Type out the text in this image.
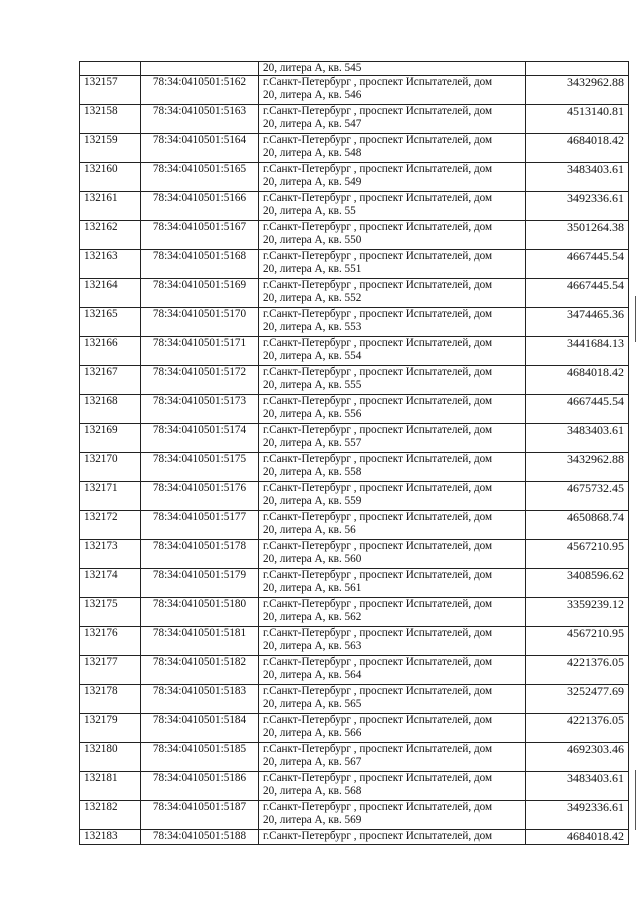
		20, литера А, кв. 545	

132157	78:34:0410501:5162	г.Санкт-Петербург , проспект Испытателей, дом
20, литера А, кв. 546	3432962.88
132158	78:34:0410501:5163	г.Санкт-Петербург , проспект Испытателей, дом
20, литера А, кв. 547	4513140.81
132159	78:34:0410501:5164	г.Санкт-Петербург , проспект Испытателей, дом
20, литера А, кв. 548	4684018.42
132160	78:34:0410501:5165	г.Санкт-Петербург , проспект Испытателей, дом
20, литера А, кв. 549	3483403.61
132161	78:34:0410501:5166	г.Санкт-Петербург , проспект Испытателей, дом
20, литера А, кв. 55	3492336.61
132162	78:34:0410501:5167	г.Санкт-Петербург , проспект Испытателей, дом
20, литера А, кв. 550	3501264.38
132163	78:34:0410501:5168	г.Санкт-Петербург , проспект Испытателей, дом
20, литера А, кв. 551	4667445.54
132164	78:34:0410501:5169	г.Санкт-Петербург , проспект Испытателей, дом
20, литера А, кв. 552	4667445.54
132165	78:34:0410501:5170	г.Санкт-Петербург , проспект Испытателей, дом
20, литера А, кв. 553	3474465.36
132166	78:34:0410501:5171	г.Санкт-Петербург , проспект Испытателей, дом
20, литера А, кв. 554	3441684.13
132167	78:34:0410501:5172	г.Санкт-Петербург , проспект Испытателей, дом
20, литера А, кв. 555	4684018.42
132168	78:34:0410501:5173	г.Санкт-Петербург , проспект Испытателей, дом
20, литера А, кв. 556	4667445.54
132169	78:34:0410501:5174	г.Санкт-Петербург , проспект Испытателей, дом
20, литера А, кв. 557	3483403.61
132170	78:34:0410501:5175	г.Санкт-Петербург , проспект Испытателей, дом
20, литера А, кв. 558	3432962.88
132171	78:34:0410501:5176	г.Санкт-Петербург , проспект Испытателей, дом
20, литера А, кв. 559	4675732.45
132172	78:34:0410501:5177	г.Санкт-Петербург , проспект Испытателей, дом
20, литера А, кв. 56	4650868.74
132173	78:34:0410501:5178	г.Санкт-Петербург , проспект Испытателей, дом
20, литера А, кв. 560	4567210.95
132174	78:34:0410501:5179	г.Санкт-Петербург , проспект Испытателей, дом
20, литера А, кв. 561	3408596.62
132175	78:34:0410501:5180	г.Санкт-Петербург , проспект Испытателей, дом
20, литера А, кв. 562	3359239.12
132176	78:34:0410501:5181	г.Санкт-Петербург , проспект Испытателей, дом
20, литера А, кв. 563	4567210.95
132177	78:34:0410501:5182	г.Санкт-Петербург , проспект Испытателей, дом
20, литера А, кв. 564	4221376.05
132178	78:34:0410501:5183	г.Санкт-Петербург , проспект Испытателей, дом
20, литера А, кв. 565	3252477.69
132179	78:34:0410501:5184	г.Санкт-Петербург , проспект Испытателей, дом
20, литера А, кв. 566	4221376.05
132180	78:34:0410501:5185	г.Санкт-Петербург , проспект Испытателей, дом
20, литера А, кв. 567	4692303.46
132181	78:34:0410501:5186	г.Санкт-Петербург , проспект Испытателей, дом
20, литера А, кв. 568	3483403.61
132182	78:34:0410501:5187	г.Санкт-Петербург , проспект Испытателей, дом
20, литера А, кв. 569	3492336.61
132183	78:34:0410501:5188	г.Санкт-Петербург , проспект Испытателей, дом	4684018.42
